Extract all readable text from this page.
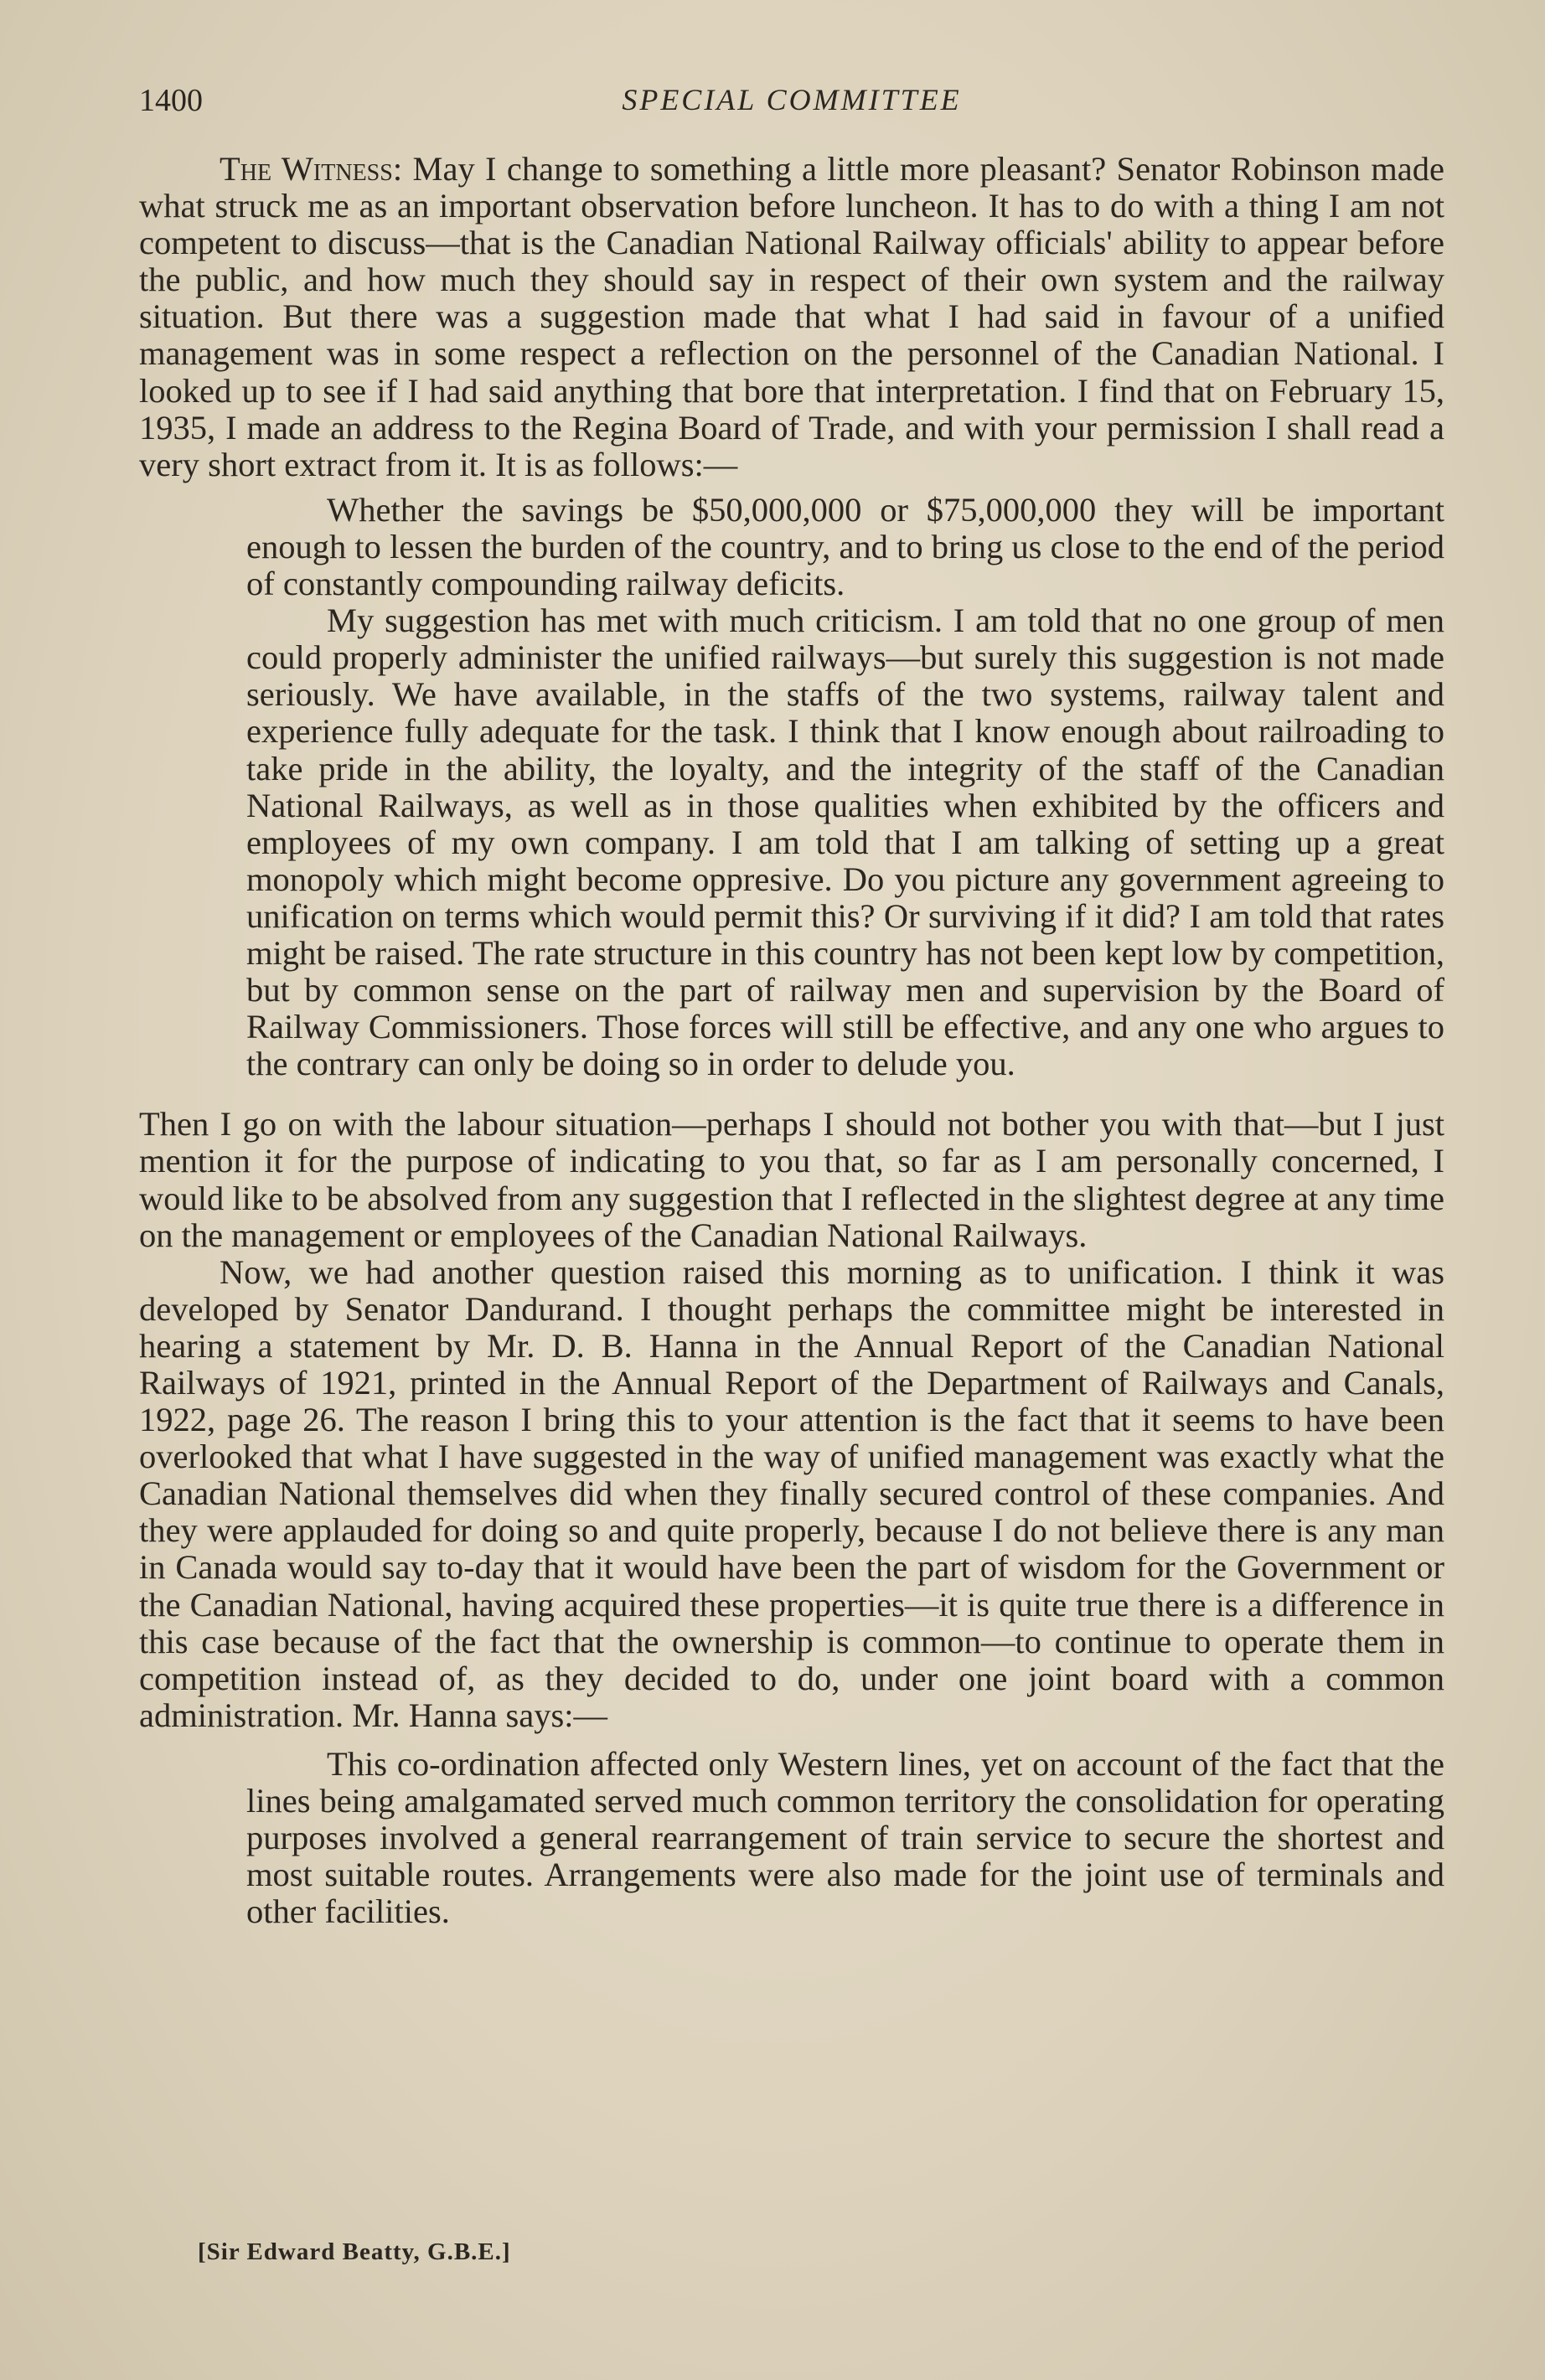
1400	SPECIAL COMMITTEE

The Witness: May I change to something a little more pleasant? Senator Robinson made what struck me as an important observation before luncheon. It has to do with a thing I am not competent to discuss—that is the Canadian National Railway officials' ability to appear before the public, and how much they should say in respect of their own system and the railway situation. But there was a suggestion made that what I had said in favour of a unified management was in some respect a reflection on the personnel of the Canadian National. I looked up to see if I had said anything that bore that interpretation. I find that on February 15, 1935, I made an address to the Regina Board of Trade, and with your permission I shall read a very short extract from it. It is as follows:—

Whether the savings be $50,000,000 or $75,000,000 they will be important enough to lessen the burden of the country, and to bring us close to the end of the period of constantly compounding railway deficits.

My suggestion has met with much criticism. I am told that no one group of men could properly administer the unified railways—but surely this suggestion is not made seriously. We have available, in the staffs of the two systems, railway talent and experience fully adequate for the task. I think that I know enough about railroading to take pride in the ability, the loyalty, and the integrity of the staff of the Canadian National Railways, as well as in those qualities when exhibited by the officers and employees of my own company. I am told that I am talking of setting up a great monopoly which might become oppresive. Do you picture any government agreeing to unification on terms which would permit this? Or surviving if it did? I am told that rates might be raised. The rate structure in this country has not been kept low by competition, but by common sense on the part of railway men and supervision by the Board of Railway Commissioners. Those forces will still be effective, and any one who argues to the contrary can only be doing so in order to delude you.

Then I go on with the labour situation—perhaps I should not bother you with that—but I just mention it for the purpose of indicating to you that, so far as I am personally concerned, I would like to be absolved from any suggestion that I reflected in the slightest degree at any time on the management or employees of the Canadian National Railways.

Now, we had another question raised this morning as to unification. I think it was developed by Senator Dandurand. I thought perhaps the committee might be interested in hearing a statement by Mr. D. B. Hanna in the Annual Report of the Canadian National Railways of 1921, printed in the Annual Report of the Department of Railways and Canals, 1922, page 26. The reason I bring this to your attention is the fact that it seems to have been overlooked that what I have suggested in the way of unified management was exactly what the Canadian National themselves did when they finally secured control of these companies. And they were applauded for doing so and quite properly, because I do not believe there is any man in Canada would say to-day that it would have been the part of wisdom for the Government or the Canadian National, having acquired these properties—it is quite true there is a difference in this case because of the fact that the ownership is common—to continue to operate them in competition instead of, as they decided to do, under one joint board with a common administration. Mr. Hanna says:—

This co-ordination affected only Western lines, yet on account of the fact that the lines being amalgamated served much common territory the consolidation for operating purposes involved a general rearrangement of train service to secure the shortest and most suitable routes. Arrangements were also made for the joint use of terminals and other facilities.

[Sir Edward Beatty, G.B.E.]
